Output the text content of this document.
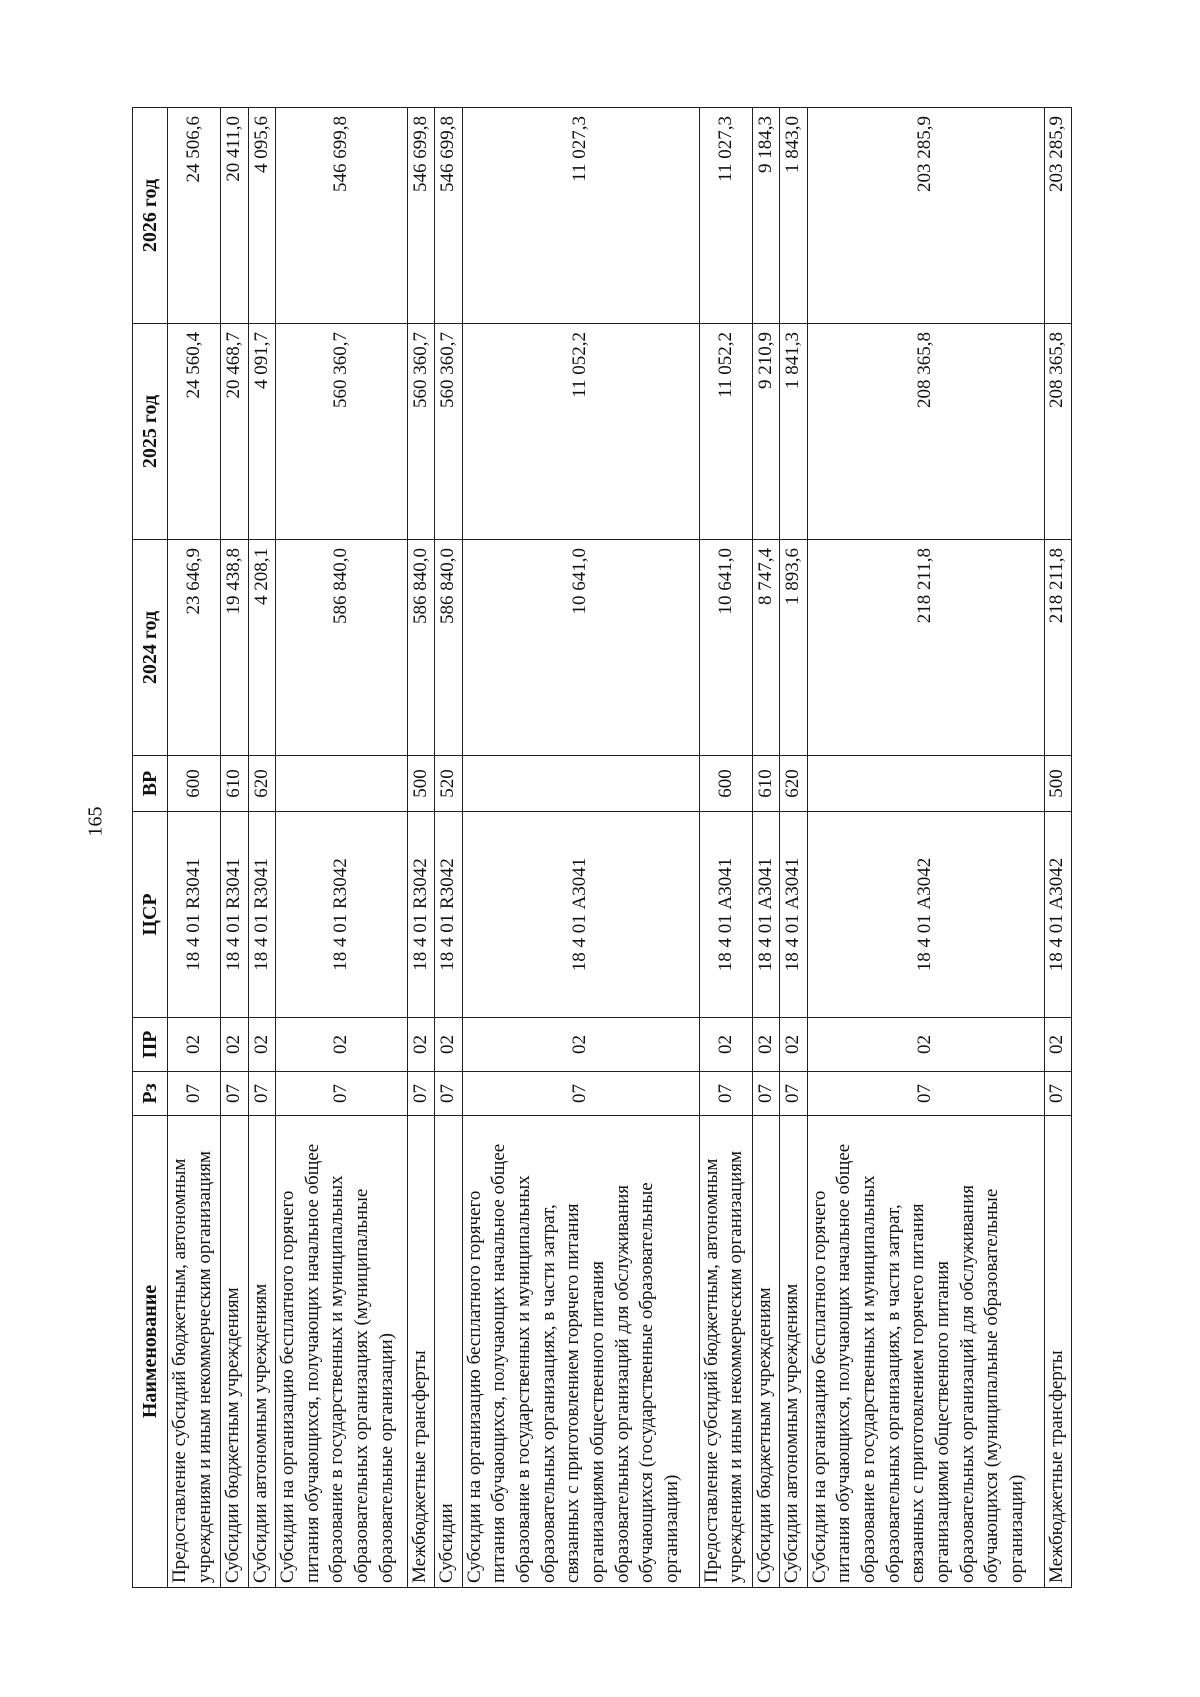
165
Наименование	Рз	ПР	ЦСР	ВР	2024 год	2025 год	2026 год
Предоставление субсидий бюджетным, автономным учреждениям и иным некоммерческим организациям	07	02	18 4 01 R3041	600	23 646,9	24 560,4	24 506,6
Субсидии бюджетным учреждениям	07	02	18 4 01 R3041	610	19 438,8	20 468,7	20 411,0
Субсидии автономным учреждениям	07	02	18 4 01 R3041	620	4 208,1	4 091,7	4 095,6
Субсидии на организацию бесплатного горячего питания обучающихся, получающих начальное общее образование в государственных и муниципальных образовательных организациях (муниципальные образовательные организации)	07	02	18 4 01 R3042		586 840,0	560 360,7	546 699,8
Межбюджетные трансферты	07	02	18 4 01 R3042	500	586 840,0	560 360,7	546 699,8
Субсидии	07	02	18 4 01 R3042	520	586 840,0	560 360,7	546 699,8
Субсидии на организацию бесплатного горячего питания обучающихся, получающих начальное общее образование в государственных и муниципальных образовательных организациях, в части затрат, связанных с приготовлением горячего питания организациями общественного питания образовательных организаций для обслуживания обучающихся (государственные образовательные организации)	07	02	18 4 01 А3041		10 641,0	11 052,2	11 027,3
Предоставление субсидий бюджетным, автономным учреждениям и иным некоммерческим организациям	07	02	18 4 01 А3041	600	10 641,0	11 052,2	11 027,3
Субсидии бюджетным учреждениям	07	02	18 4 01 А3041	610	8 747,4	9 210,9	9 184,3
Субсидии автономным учреждениям	07	02	18 4 01 А3041	620	1 893,6	1 841,3	1 843,0
Субсидии на организацию бесплатного горячего питания обучающихся, получающих начальное общее образование в государственных и муниципальных образовательных организациях, в части затрат, связанных с приготовлением горячего питания организациями общественного питания образовательных организаций для обслуживания обучающихся (муниципальные образовательные организации)	07	02	18 4 01 А3042		218 211,8	208 365,8	203 285,9
Межбюджетные трансферты	07	02	18 4 01 А3042	500	218 211,8	208 365,8	203 285,9
